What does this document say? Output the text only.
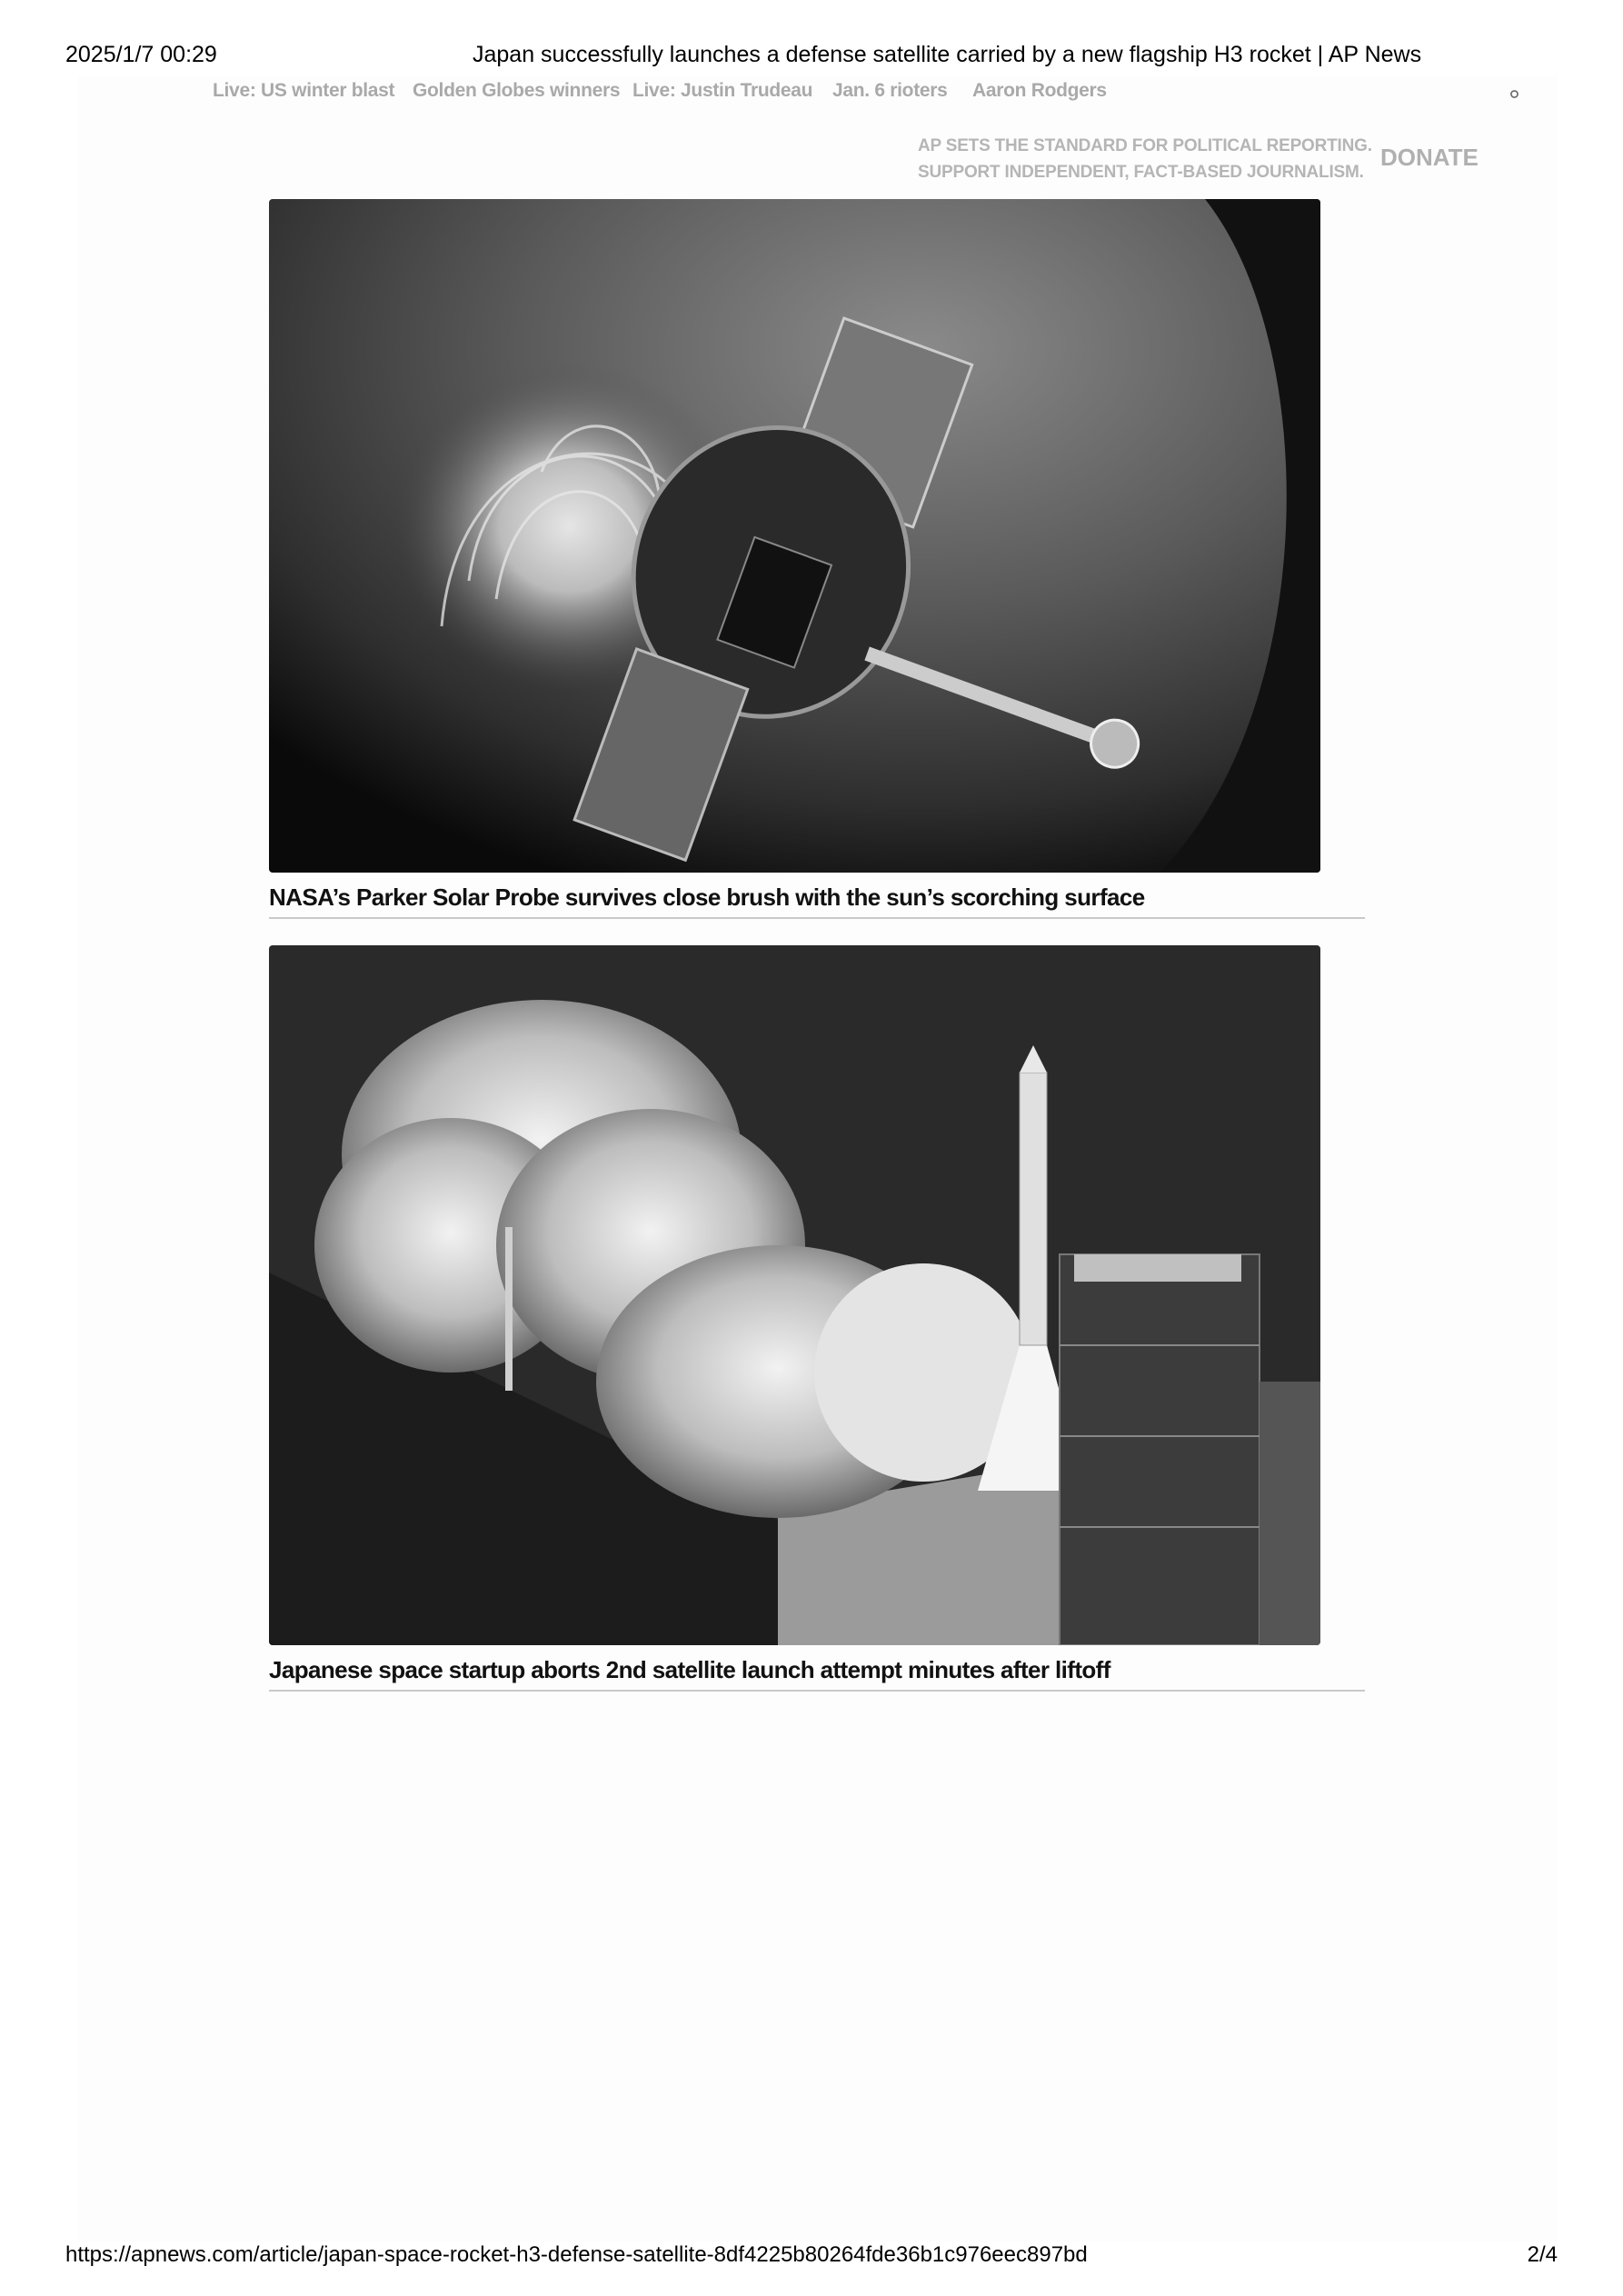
2025/1/7 00:29	Japan successfully launches a defense satellite carried by a new flagship H3 rocket | AP News
Live: US winter blast Golden Globes winners Live: Justin Trudeau Jan. 6 rioters Aaron Rodgers
AP SETS THE STANDARD FOR POLITICAL REPORTING.
SUPPORT INDEPENDENT, FACT-BASED JOURNALISM.
DONATE
NASA’s Parker Solar Probe survives close brush with the sun’s scorching surface
Japanese space startup aborts 2nd satellite launch attempt minutes after liftoff
https://apnews.com/article/japan-space-rocket-h3-defense-satellite-8df4225b80264fde36b1c976eec897bd	2/4
